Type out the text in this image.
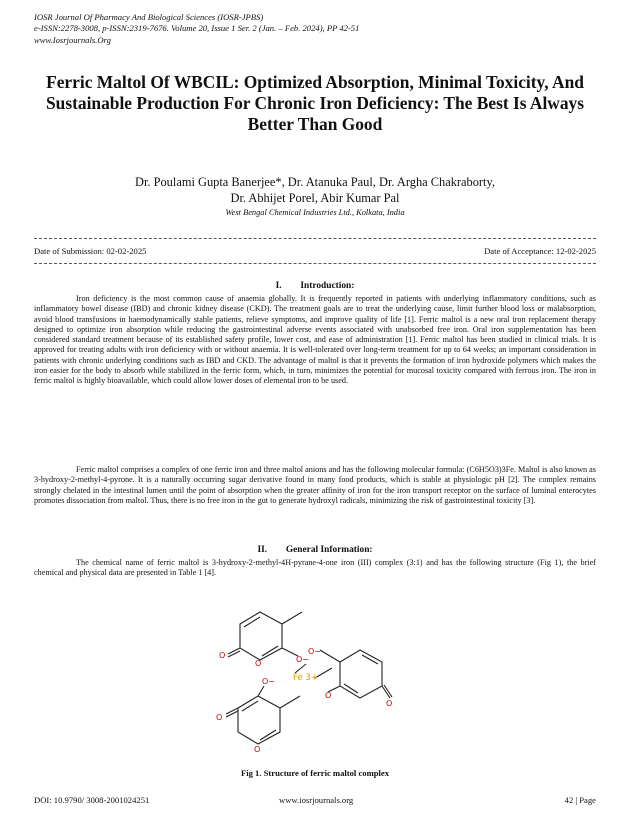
IOSR Journal Of Pharmacy And Biological Sciences (IOSR-JPBS)
e-ISSN:2278-3008, p-ISSN:2319-7676. Volume 20, Issue 1 Ser. 2 (Jan. – Feb. 2024), PP 42-51
www.Iosrjournals.Org
Ferric Maltol Of WBCIL: Optimized Absorption, Minimal Toxicity, And Sustainable Production For Chronic Iron Deficiency: The Best Is Always Better Than Good
Dr. Poulami Gupta Banerjee*, Dr. Atanuka Paul, Dr. Argha Chakraborty,
Dr. Abhijet Porel, Abir Kumar Pal
West Bengal Chemical Industries Ltd., Kolkata, India
Date of Submission: 02-02-2025	Date of Acceptance: 12-02-2025
I.  Introduction:

Iron deficiency is the most common cause of anaemia globally. It is frequently reported in patients with underlying inflammatory conditions, such as inflammatory bowel disease (IBD) and chronic kidney disease (CKD). The treatment goals are to treat the underlying cause, limit further blood loss or malabsorption, avoid blood transfusions in haemodynamically stable patients, relieve symptoms, and improve quality of life [1]. Ferric maltol is a new oral iron replacement therapy designed to optimize iron absorption while reducing the gastrointestinal adverse events associated with unabsorbed free iron. Oral iron supplementation has been considered standard treatment because of its established safety profile, lower cost, and ease of administration [1]. Ferric maltol has been studied in clinical trials. It is approved for treating adults with iron deficiency with or without anaemia. It is well-tolerated over long-term treatment for up to 64 weeks; an important consideration in patients with chronic underlying conditions such as IBD and CKD. The advantage of maltol is that it prevents the formation of iron hydroxide polymers which makes the iron easier for the body to absorb while stabilized in the ferric form, which, in turn, minimizes the potential for mucosal toxicity compared with ferrous iron. The iron in ferric maltol is highly bioavailable, which could allow lower doses of elemental iron to be used.

Ferric maltol comprises a complex of one ferric iron and three maltol anions and has the following molecular formula: (C6H5O3)3Fe. Maltol is also known as 3-hydroxy-2-methyl-4-pyrone. It is a naturally occurring sugar derivative found in many food products, which is stable at physiologic pH [2]. The complex remains strongly chelated in the intestinal lumen until the point of absorption when the greater affinity of iron for the iron transport receptor on the surface of luminal enterocytes promotes dissociation from maltol. Thus, there is no free iron in the gut to generate hydroxyl radicals, minimizing the risk of gastrointestinal toxicity [3].

II.  General Information:

The chemical name of ferric maltol is 3-hydroxy-2-methyl-4H-pyrane-4-one iron (III) complex (3:1) and has the following structure (Fig 1), the brief chemical and physical data are presented in Table 1 [4].

O
O	O−
O−
O
O
O−
O
O
Fe 3+
Fig 1. Structure of ferric maltol complex
DOI: 10.9790/ 3008-2001024251	www.iosrjournals.org	42 | Page
